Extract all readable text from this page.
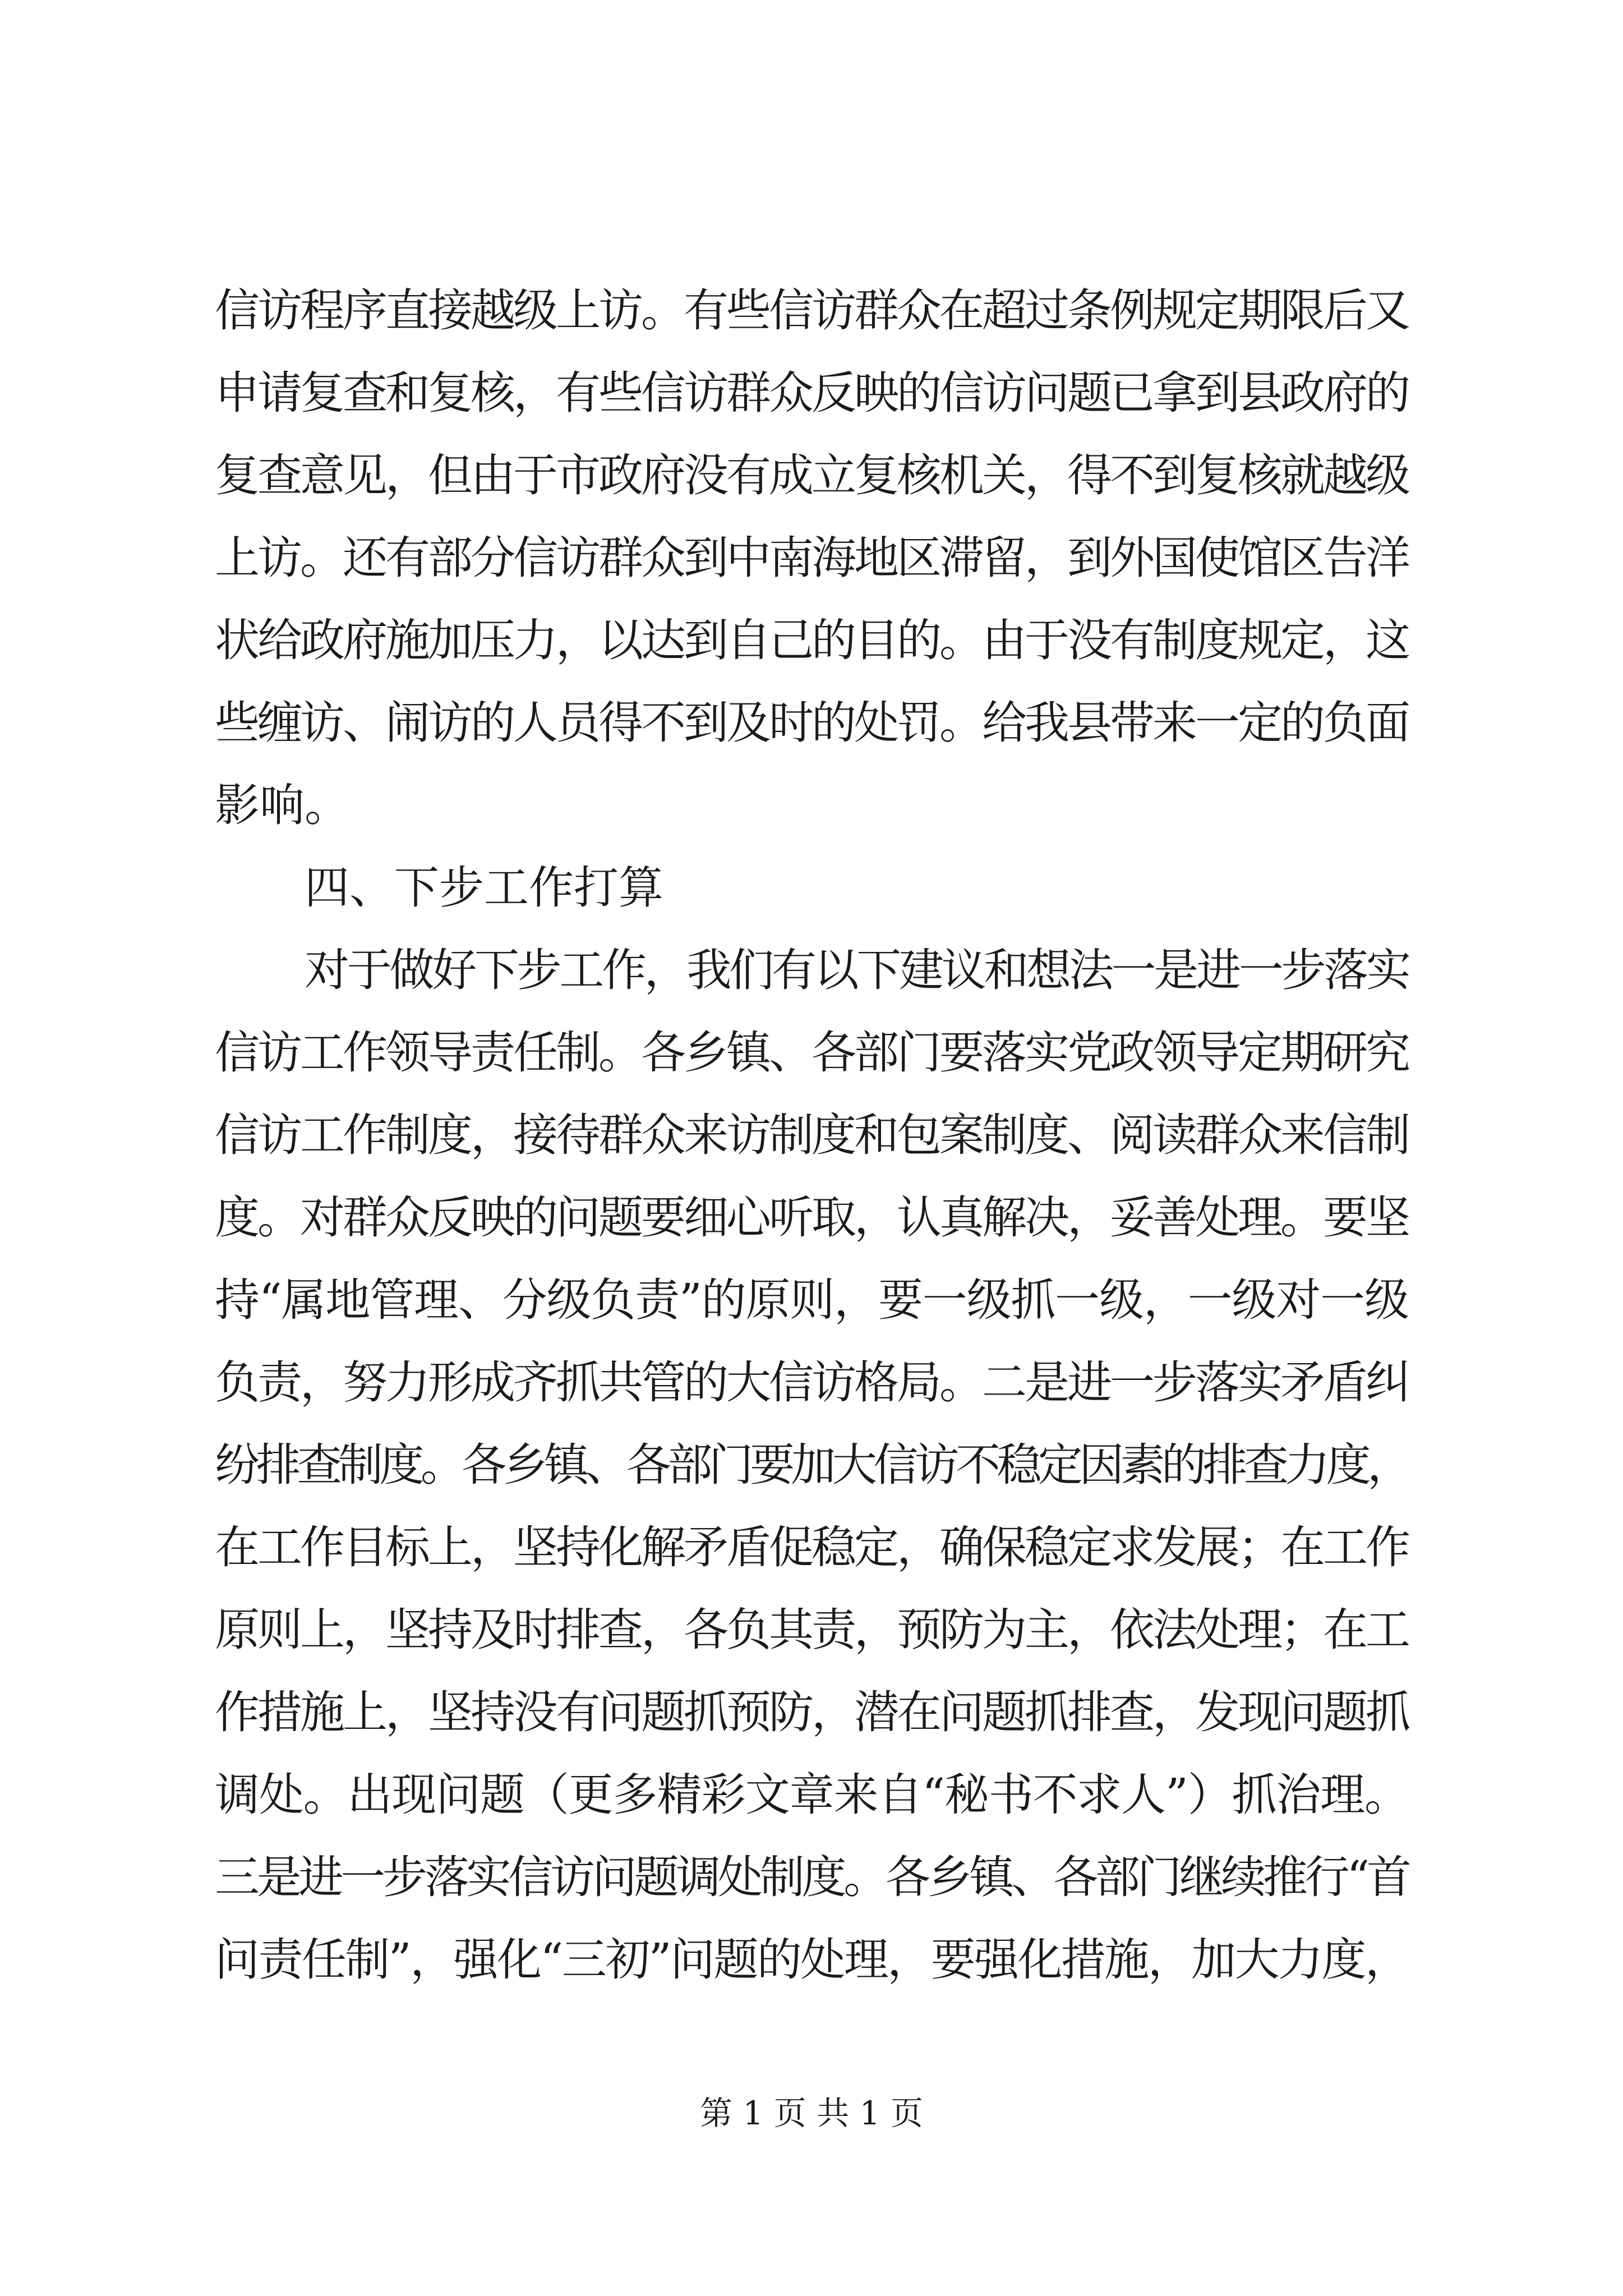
信访程序直接越级上访。有些信访群众在超过条例规定期限后又
申请复查和复核，有些信访群众反映的信访问题已拿到县政府的
复查意见，但由于市政府没有成立复核机关，得不到复核就越级
上访。还有部分信访群众到中南海地区滞留，到外国使馆区告洋
状给政府施加压力，以达到自己的目的。由于没有制度规定，这
些缠访、闹访的人员得不到及时的处罚。给我县带来一定的负面
影响。
四、下步工作打算
对于做好下步工作，我们有以下建议和想法一是进一步落实
信访工作领导责任制。各乡镇、各部门要落实党政领导定期研究
信访工作制度，接待群众来访制度和包案制度、阅读群众来信制
度。对群众反映的问题要细心听取，认真解决，妥善处理。要坚
持“属地管理、分级负责”的原则，要一级抓一级，一级对一级
负责，努力形成齐抓共管的大信访格局。二是进一步落实矛盾纠
纷排查制度。各乡镇、各部门要加大信访不稳定因素的排查力度，
在工作目标上，坚持化解矛盾促稳定，确保稳定求发展；在工作
原则上，坚持及时排查，各负其责，预防为主，依法处理；在工
作措施上，坚持没有问题抓预防，潜在问题抓排查，发现问题抓
调处。出现问题（更多精彩文章来自“秘书不求人”）抓治理。
三是进一步落实信访问题调处制度。各乡镇、各部门继续推行“首
问责任制”，强化“三初”问题的处理，要强化措施，加大力度，
第 1 页 共 1 页
